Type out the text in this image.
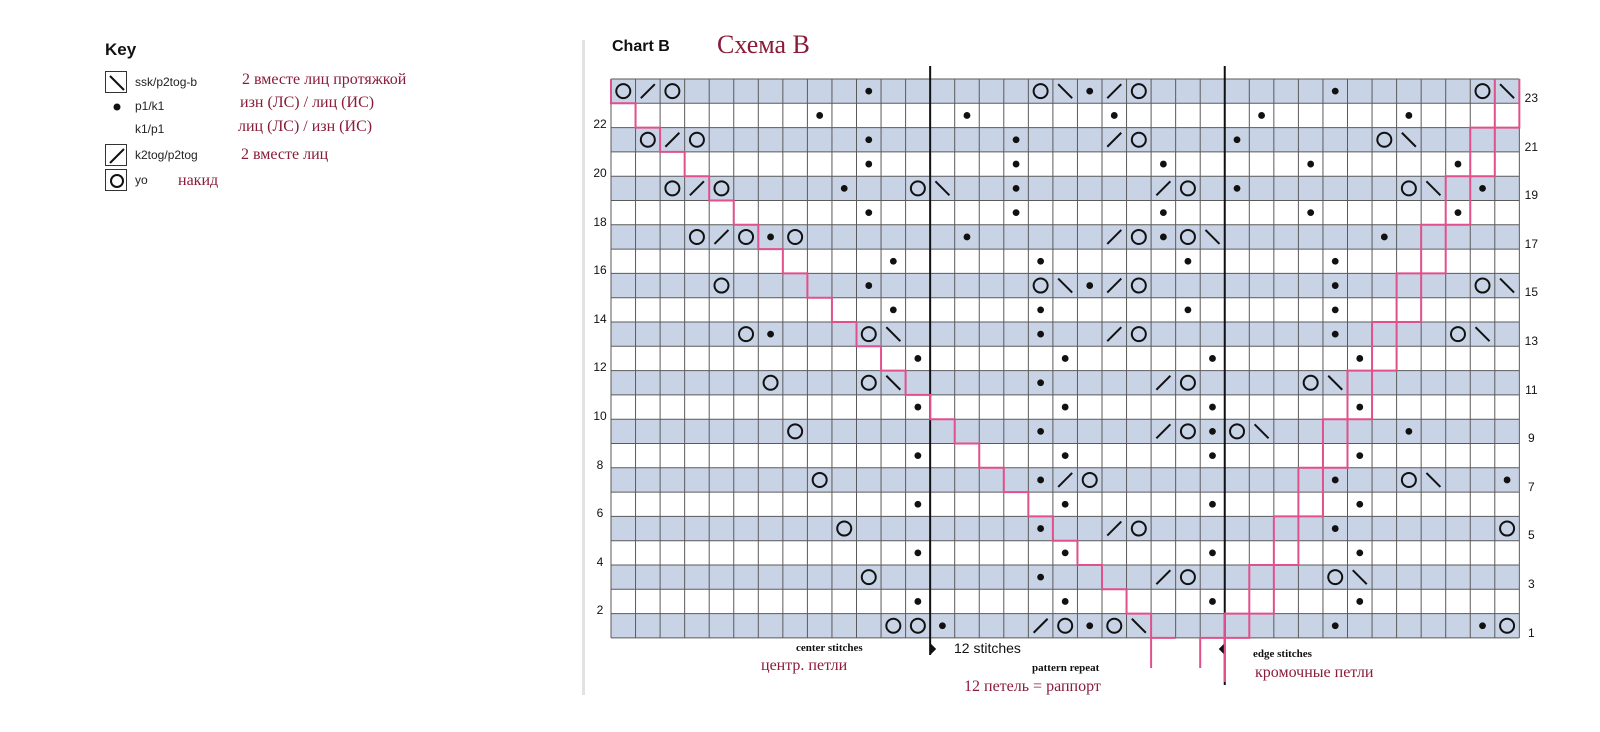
Key
ssk/p2tog-b	2 вместе лиц протяжкой
p1/k1	изн (ЛС) / лиц (ИС)
k1/p1	лиц (ЛС) / изн (ИС)
k2tog/p2tog	2 вместе лиц
yo накид
Chart B Схема В
22
20
18
16
14
12
10
8
6
4
2
23
21
19
17
15
13
11
9
7
5
3
1
center stitches
центр. петли
12 stitches
pattern repeat
12 петель = раппорт
edge stitches
кромочные петли
